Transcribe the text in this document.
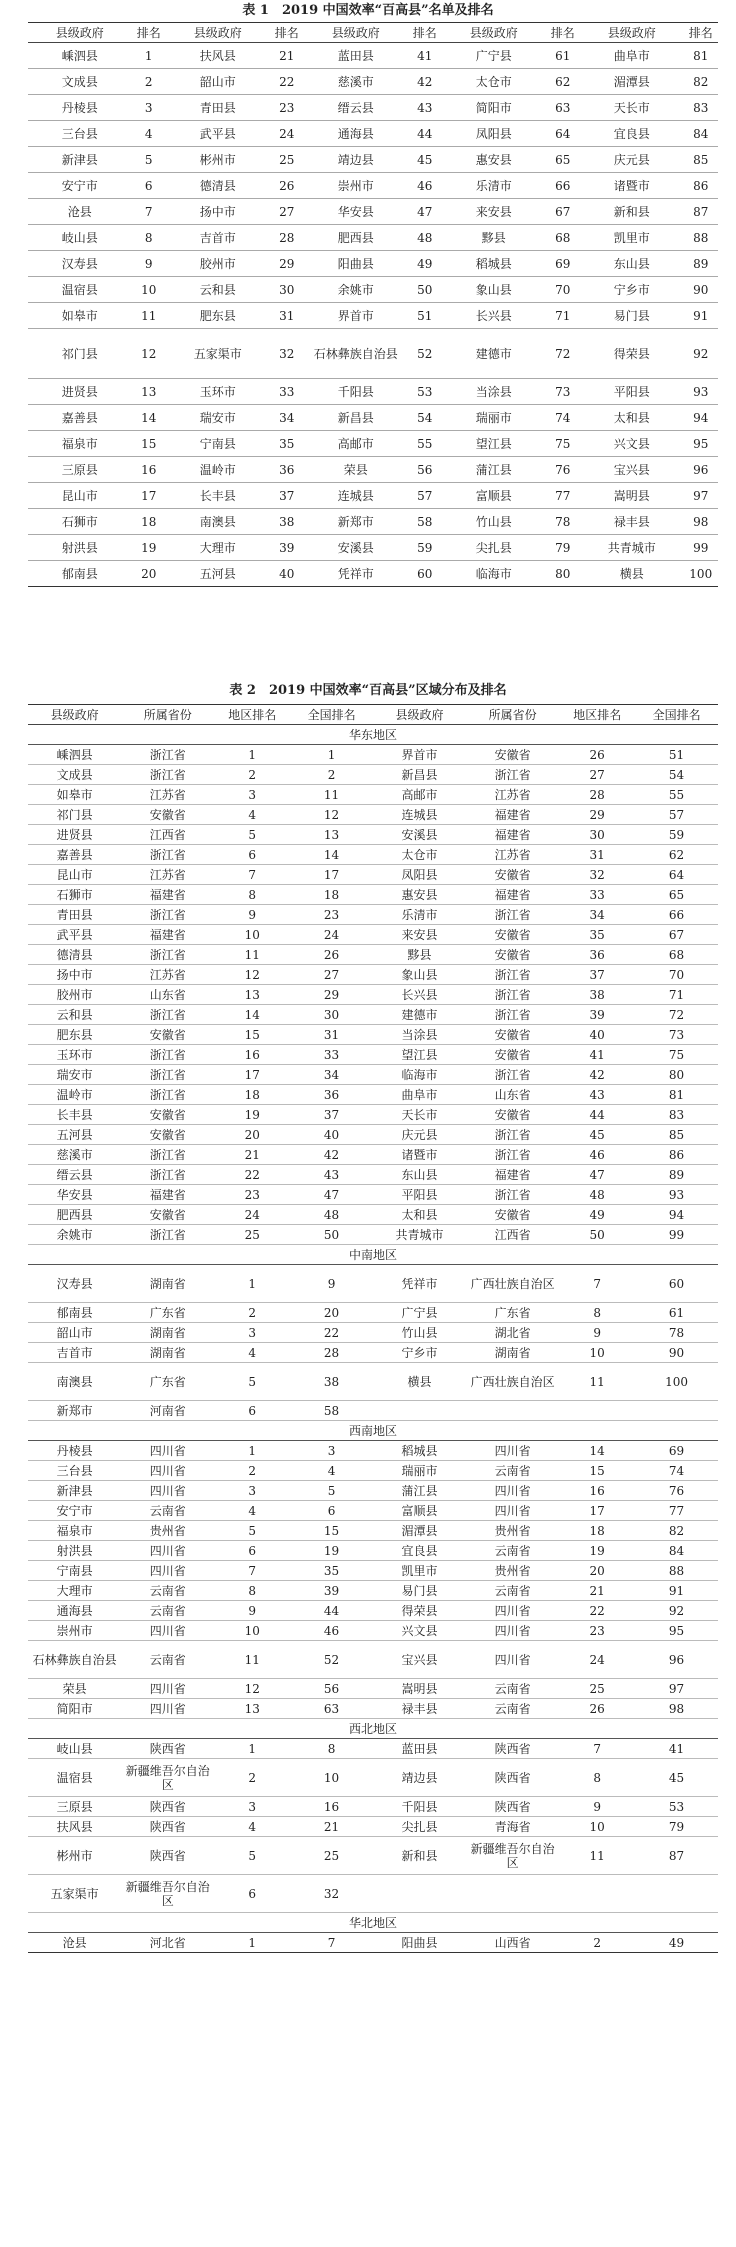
表 1　2019 中国效率“百高县”名单及排名
县级政府	排名	县级政府	排名	县级政府	排名	县级政府	排名	县级政府	排名
嵊泗县	1	扶风县	21	蓝田县	41	广宁县	61	曲阜市	81
文成县	2	韶山市	22	慈溪市	42	太仓市	62	湄潭县	82
丹棱县	3	青田县	23	缙云县	43	简阳市	63	天长市	83
三台县	4	武平县	24	通海县	44	凤阳县	64	宜良县	84
新津县	5	彬州市	25	靖边县	45	惠安县	65	庆元县	85
安宁市	6	德清县	26	崇州市	46	乐清市	66	诸暨市	86
沧县	7	扬中市	27	华安县	47	来安县	67	新和县	87
岐山县	8	吉首市	28	肥西县	48	黟县	68	凯里市	88
汉寿县	9	胶州市	29	阳曲县	49	稻城县	69	东山县	89
温宿县	10	云和县	30	余姚市	50	象山县	70	宁乡市	90
如皋市	11	肥东县	31	界首市	51	长兴县	71	易门县	91
祁门县	12	五家渠市	32	石林彝族自治县	52	建德市	72	得荣县	92
进贤县	13	玉环市	33	千阳县	53	当涂县	73	平阳县	93
嘉善县	14	瑞安市	34	新昌县	54	瑞丽市	74	太和县	94
福泉市	15	宁南县	35	高邮市	55	望江县	75	兴文县	95
三原县	16	温岭市	36	荣县	56	蒲江县	76	宝兴县	96
昆山市	17	长丰县	37	连城县	57	富顺县	77	嵩明县	97
石狮市	18	南澳县	38	新郑市	58	竹山县	78	禄丰县	98
射洪县	19	大理市	39	安溪县	59	尖扎县	79	共青城市	99
郁南县	20	五河县	40	凭祥市	60	临海市	80	横县	100
表 2　2019 中国效率“百高县”区域分布及排名
县级政府	所属省份	地区排名	全国排名	县级政府	所属省份	地区排名	全国排名
华东地区							
嵊泗县	浙江省	1	1	界首市	安徽省	26	51
文成县	浙江省	2	2	新昌县	浙江省	27	54
如皋市	江苏省	3	11	高邮市	江苏省	28	55
祁门县	安徽省	4	12	连城县	福建省	29	57
进贤县	江西省	5	13	安溪县	福建省	30	59
嘉善县	浙江省	6	14	太仓市	江苏省	31	62
昆山市	江苏省	7	17	凤阳县	安徽省	32	64
石狮市	福建省	8	18	惠安县	福建省	33	65
青田县	浙江省	9	23	乐清市	浙江省	34	66
武平县	福建省	10	24	来安县	安徽省	35	67
德清县	浙江省	11	26	黟县	安徽省	36	68
扬中市	江苏省	12	27	象山县	浙江省	37	70
胶州市	山东省	13	29	长兴县	浙江省	38	71
云和县	浙江省	14	30	建德市	浙江省	39	72
肥东县	安徽省	15	31	当涂县	安徽省	40	73
玉环市	浙江省	16	33	望江县	安徽省	41	75
瑞安市	浙江省	17	34	临海市	浙江省	42	80
温岭市	浙江省	18	36	曲阜市	山东省	43	81
长丰县	安徽省	19	37	天长市	安徽省	44	83
五河县	安徽省	20	40	庆元县	浙江省	45	85
慈溪市	浙江省	21	42	诸暨市	浙江省	46	86
缙云县	浙江省	22	43	东山县	福建省	47	89
华安县	福建省	23	47	平阳县	浙江省	48	93
肥西县	安徽省	24	48	太和县	安徽省	49	94
余姚市	浙江省	25	50	共青城市	江西省	50	99
中南地区							
汉寿县	湖南省	1	9	凭祥市	广西壮族自治区	7	60
郁南县	广东省	2	20	广宁县	广东省	8	61
韶山市	湖南省	3	22	竹山县	湖北省	9	78
吉首市	湖南省	4	28	宁乡市	湖南省	10	90
南澳县	广东省	5	38	横县	广西壮族自治区	11	100
新郑市	河南省	6	58				
西南地区							
丹棱县	四川省	1	3	稻城县	四川省	14	69
三台县	四川省	2	4	瑞丽市	云南省	15	74
新津县	四川省	3	5	蒲江县	四川省	16	76
安宁市	云南省	4	6	富顺县	四川省	17	77
福泉市	贵州省	5	15	湄潭县	贵州省	18	82
射洪县	四川省	6	19	宜良县	云南省	19	84
宁南县	四川省	7	35	凯里市	贵州省	20	88
大理市	云南省	8	39	易门县	云南省	21	91
通海县	云南省	9	44	得荣县	四川省	22	92
崇州市	四川省	10	46	兴文县	四川省	23	95
石林彝族自治县	云南省	11	52	宝兴县	四川省	24	96
荣县	四川省	12	56	嵩明县	云南省	25	97
简阳市	四川省	13	63	禄丰县	云南省	26	98
西北地区							
岐山县	陕西省	1	8	蓝田县	陕西省	7	41
温宿县	新疆维吾尔自治区	2	10	靖边县	陕西省	8	45
三原县	陕西省	3	16	千阳县	陕西省	9	53
扶风县	陕西省	4	21	尖扎县	青海省	10	79
彬州市	陕西省	5	25	新和县	新疆维吾尔自治区	11	87
五家渠市	新疆维吾尔自治区	6	32				
华北地区							
沧县	河北省	1	7	阳曲县	山西省	2	49
